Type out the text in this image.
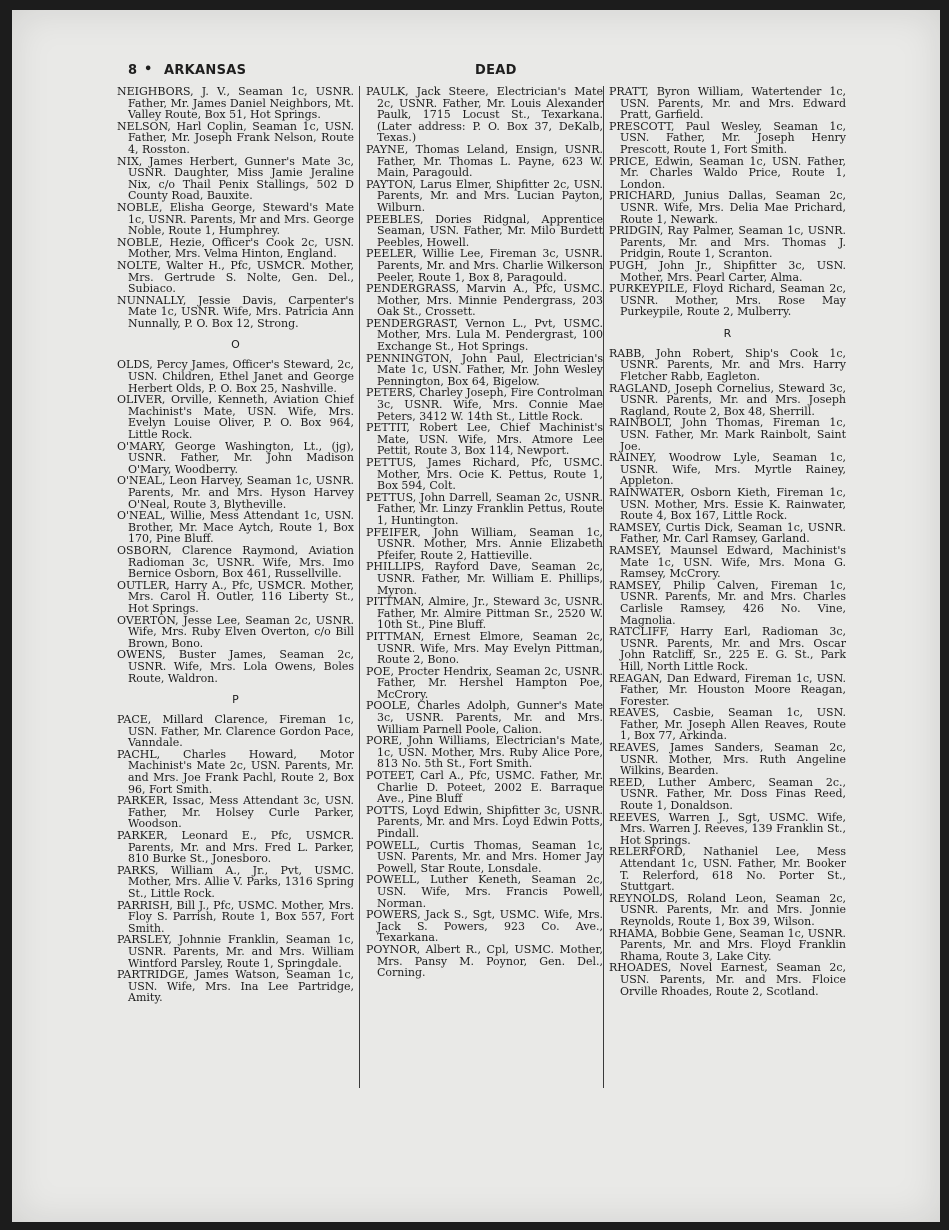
8 • ARKANSAS	DEAD

NEIGHBORS, J. V., Seaman 1c, USNR. Father, Mr. James Daniel Neighbors, Mt. Valley Route, Box 51, Hot Springs.

NELSON, Harl Coplin, Seaman 1c, USN. Father, Mr. Joseph Frank Nelson, Route 4, Rosston.

NIX, James Herbert, Gunner's Mate 3c, USNR. Daughter, Miss Jamie Jeraline Nix, c/o Thail Penix Stallings, 502 D County Road, Bauxite.

NOBLE, Elisha George, Steward's Mate 1c, USNR. Parents, Mr and Mrs. George Noble, Route 1, Humphrey.

NOBLE, Hezie, Officer's Cook 2c, USN. Mother, Mrs. Velma Hinton, England.

NOLTE, Walter H., Pfc, USMCR. Mother, Mrs. Gertrude S. Nolte, Gen. Del., Subiaco.

NUNNALLY, Jessie Davis, Carpenter's Mate 1c, USNR. Wife, Mrs. Patricia Ann Nunnally, P. O. Box 12, Strong.

O

OLDS, Percy James, Officer's Steward, 2c, USN. Children, Ethel Janet and George Herbert Olds, P. O. Box 25, Nashville.

OLIVER, Orville, Kenneth, Aviation Chief Machinist's Mate, USN. Wife, Mrs. Evelyn Louise Oliver, P. O. Box 964, Little Rock.

O'MARY, George Washington, Lt., (jg), USNR. Father, Mr. John Madison O'Mary, Woodberry.

O'NEAL, Leon Harvey, Seaman 1c, USNR. Parents, Mr. and Mrs. Hyson Harvey O'Neal, Route 3, Blytheville.

O'NEAL, Willie, Mess Attendant 1c, USN. Brother, Mr. Mace Aytch, Route 1, Box 170, Pine Bluff.

OSBORN, Clarence Raymond, Aviation Radioman 3c, USNR. Wife, Mrs. Imo Bernice Osborn, Box 461, Russellville.

OUTLER, Harry A., Pfc, USMCR. Mother, Mrs. Carol H. Outler, 116 Liberty St., Hot Springs.

OVERTON, Jesse Lee, Seaman 2c, USNR. Wife, Mrs. Ruby Elven Overton, c/o Bill Brown, Bono.

OWENS, Buster James, Seaman 2c, USNR. Wife, Mrs. Lola Owens, Boles Route, Waldron.

P

PACE, Millard Clarence, Fireman 1c, USN. Father, Mr. Clarence Gordon Pace, Vanndale.

PACHL, Charles Howard, Motor Machinist's Mate 2c, USN. Parents, Mr. and Mrs. Joe Frank Pachl, Route 2, Box 96, Fort Smith.

PARKER, Issac, Mess Attendant 3c, USN. Father, Mr. Holsey Curle Parker, Woodson.

PARKER, Leonard E., Pfc, USMCR. Parents, Mr. and Mrs. Fred L. Parker, 810 Burke St., Jonesboro.

PARKS, William A., Jr., Pvt, USMC. Mother, Mrs. Allie V. Parks, 1316 Spring St., Little Rock.

PARRISH, Bill J., Pfc, USMC. Mother, Mrs. Floy S. Parrish, Route 1, Box 557, Fort Smith.

PARSLEY, Johnnie Franklin, Seaman 1c, USNR. Parents, Mr. and Mrs. William Wintford Parsley, Route 1, Springdale.

PARTRIDGE, James Watson, Seaman 1c, USN. Wife, Mrs. Ina Lee Partridge, Amity.

PAULK, Jack Steere, Electrician's Mate 2c, USNR. Father, Mr. Louis Alexander Paulk, 1715 Locust St., Texarkana. (Later address: P. O. Box 37, DeKalb, Texas.)

PAYNE, Thomas Leland, Ensign, USNR. Father, Mr. Thomas L. Payne, 623 W. Main, Paragould.

PAYTON, Larus Elmer, Shipfitter 2c, USN. Parents, Mr. and Mrs. Lucian Payton, Wilburn.

PEEBLES, Dories Ridgnal, Apprentice Seaman, USN. Father, Mr. Milo Burdett Peebles, Howell.

PEELER, Willie Lee, Fireman 3c, USNR. Parents, Mr. and Mrs. Charlie Wilkerson Peeler, Route 1, Box 8, Paragould.

PENDERGRASS, Marvin A., Pfc, USMC. Mother, Mrs. Minnie Pendergrass, 203 Oak St., Crossett.

PENDERGRAST, Vernon L., Pvt, USMC. Mother, Mrs. Lula M. Pendergrast, 100 Exchange St., Hot Springs.

PENNINGTON, John Paul, Electrician's Mate 1c, USN. Father, Mr. John Wesley Pennington, Box 64, Bigelow.

PETERS, Charley Joseph, Fire Controlman 3c, USNR. Wife, Mrs. Connie Mae Peters, 3412 W. 14th St., Little Rock.

PETTIT, Robert Lee, Chief Machinist's Mate, USN. Wife, Mrs. Atmore Lee Pettit, Route 3, Box 114, Newport.

PETTUS, James Richard, Pfc, USMC. Mother, Mrs. Ocie K. Pettus, Route 1, Box 594, Colt.

PETTUS, John Darrell, Seaman 2c, USNR. Father, Mr. Linzy Franklin Pettus, Route 1, Huntington.

PFEIFER, John William, Seaman 1c, USNR. Mother, Mrs. Annie Elizabeth Pfeifer, Route 2, Hattieville.

PHILLIPS, Rayford Dave, Seaman 2c, USNR. Father, Mr. William E. Phillips, Myron.

PITTMAN, Almire, Jr., Steward 3c, USNR. Father, Mr. Almire Pittman Sr., 2520 W. 10th St., Pine Bluff.

PITTMAN, Ernest Elmore, Seaman 2c, USNR. Wife, Mrs. May Evelyn Pittman, Route 2, Bono.

POE, Procter Hendrix, Seaman 2c, USNR. Father, Mr. Hershel Hampton Poe, McCrory.

POOLE, Charles Adolph, Gunner's Mate 3c, USNR. Parents, Mr. and Mrs. William Parnell Poole, Calion.

PORE, John Williams, Electrician's Mate, 1c, USN. Mother, Mrs. Ruby Alice Pore, 813 No. 5th St., Fort Smith.

POTEET, Carl A., Pfc, USMC. Father, Mr. Charlie D. Poteet, 2002 E. Barraque Ave., Pine Bluff

POTTS, Loyd Edwin, Shipfitter 3c, USNR. Parents, Mr. and Mrs. Loyd Edwin Potts, Pindall.

POWELL, Curtis Thomas, Seaman 1c, USN. Parents, Mr. and Mrs. Homer Jay Powell, Star Route, Lonsdale.

POWELL, Luther Keneth, Seaman 2c, USN. Wife, Mrs. Francis Powell, Norman.

POWERS, Jack S., Sgt, USMC. Wife, Mrs. Jack S. Powers, 923 Co. Ave., Texarkana.

POYNOR, Albert R., Cpl, USMC. Mother, Mrs. Pansy M. Poynor, Gen. Del., Corning.

PRATT, Byron William, Watertender 1c, USN. Parents, Mr. and Mrs. Edward Pratt, Garfield.

PRESCOTT, Paul Wesley, Seaman 1c, USN. Father, Mr. Joseph Henry Prescott, Route 1, Fort Smith.

PRICE, Edwin, Seaman 1c, USN. Father, Mr. Charles Waldo Price, Route 1, London.

PRICHARD, Junius Dallas, Seaman 2c, USNR. Wife, Mrs. Delia Mae Prichard, Route 1, Newark.

PRIDGIN, Ray Palmer, Seaman 1c, USNR. Parents, Mr. and Mrs. Thomas J. Pridgin, Route 1, Scranton.

PUGH, John Jr., Shipfitter 3c, USN. Mother, Mrs. Pearl Carter, Alma.

PURKEYPILE, Floyd Richard, Seaman 2c, USNR. Mother, Mrs. Rose May Purkeypile, Route 2, Mulberry.

R

RABB, John Robert, Ship's Cook 1c, USNR. Parents, Mr. and Mrs. Harry Fletcher Rabb, Eagleton.

RAGLAND, Joseph Cornelius, Steward 3c, USNR. Parents, Mr. and Mrs. Joseph Ragland, Route 2, Box 48, Sherrill.

RAINBOLT, John Thomas, Fireman 1c, USN. Father, Mr. Mark Rainbolt, Saint Joe.

RAINEY, Woodrow Lyle, Seaman 1c, USNR. Wife, Mrs. Myrtle Rainey, Appleton.

RAINWATER, Osborn Kieth, Fireman 1c, USN. Mother, Mrs. Essie K. Rainwater, Route 4, Box 167, Little Rock.

RAMSEY, Curtis Dick, Seaman 1c, USNR. Father, Mr. Carl Ramsey, Garland.

RAMSEY, Maunsel Edward, Machinist's Mate 1c, USN. Wife, Mrs. Mona G. Ramsey, McCrory.

RAMSEY, Philip Calven, Fireman 1c, USNR. Parents, Mr. and Mrs. Charles Carlisle Ramsey, 426 No. Vine, Magnolia.

RATCLIFF, Harry Earl, Radioman 3c, USNR. Parents, Mr. and Mrs. Oscar John Ratcliff, Sr., 225 E. G. St., Park Hill, North Little Rock.

REAGAN, Dan Edward, Fireman 1c, USN. Father, Mr. Houston Moore Reagan, Forester.

REAVES, Casbie, Seaman 1c, USN. Father, Mr. Joseph Allen Reaves, Route 1, Box 77, Arkinda.

REAVES, James Sanders, Seaman 2c, USNR. Mother, Mrs. Ruth Angeline Wilkins, Bearden.

REED, Luther Amberc, Seaman 2c., USNR. Father, Mr. Doss Finas Reed, Route 1, Donaldson.

REEVES, Warren J., Sgt, USMC. Wife, Mrs. Warren J. Reeves, 139 Franklin St., Hot Springs.

RELERFORD, Nathaniel Lee, Mess Attendant 1c, USN. Father, Mr. Booker T. Relerford, 618 No. Porter St., Stuttgart.

REYNOLDS, Roland Leon, Seaman 2c, USNR. Parents, Mr. and Mrs. Jonnie Reynolds, Route 1, Box 39, Wilson.

RHAMA, Bobbie Gene, Seaman 1c, USNR. Parents, Mr. and Mrs. Floyd Franklin Rhama, Route 3, Lake City.

RHOADES, Novel Earnest, Seaman 2c, USN. Parents, Mr. and Mrs. Floice Orville Rhoades, Route 2, Scotland.
